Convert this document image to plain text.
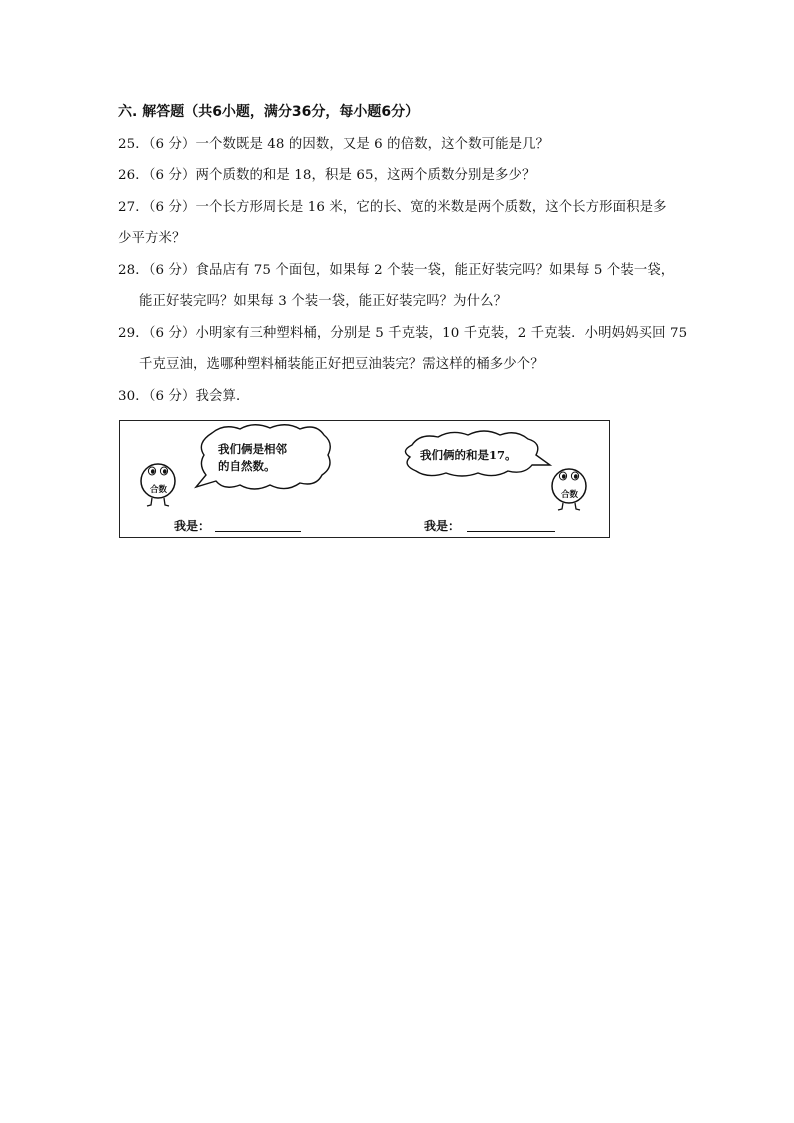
六. 解答题（共6小题，满分36分，每小题6分）
25．（6 分）一个数既是 48 的因数，又是 6 的倍数，这个数可能是几？
26．（6 分）两个质数的和是 18，积是 65，这两个质数分别是多少？
27．（6 分）一个长方形周长是 16 米，它的长、宽的米数是两个质数，这个长方形面积是多
少平方米？
28．（6 分）食品店有 75 个面包，如果每 2 个装一袋，能正好装完吗？如果每 5 个装一袋，
能正好装完吗？如果每 3 个装一袋，能正好装完吗？为什么？
29．（6 分）小明家有三种塑料桶，分别是 5 千克装，10 千克装，2 千克装．小明妈妈买回 75
千克豆油，选哪种塑料桶装能正好把豆油装完？需这样的桶多少个？
30．（6 分）我会算．
我们俩是相邻
的自然数。
合数
我是：
我们俩的和是17。
合数
我是：
